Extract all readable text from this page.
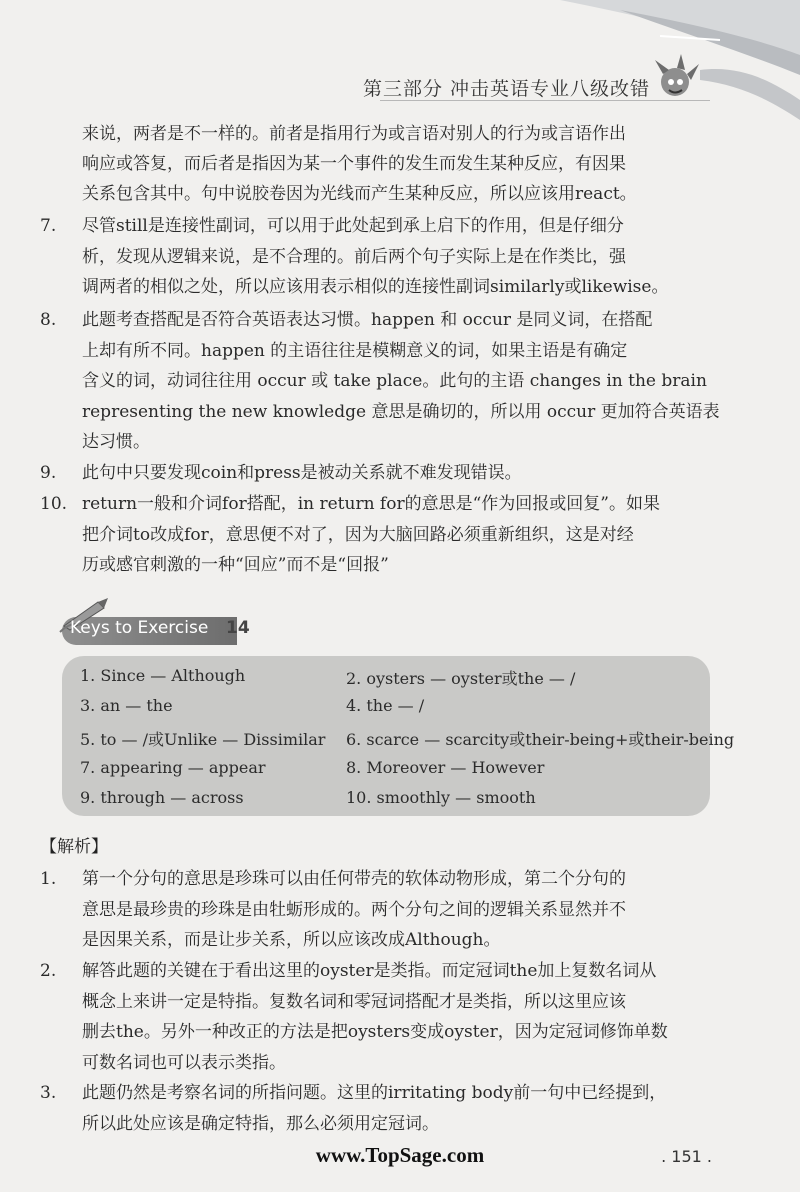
第三部分 冲击英语专业八级改错
来说，两者是不一样的。前者是指用行为或言语对别人的行为或言语作出
响应或答复，而后者是指因为某一个事件的发生而发生某种反应，有因果
关系包含其中。句中说胶卷因为光线而产生某种反应，所以应该用react。
7.	尽管still是连接性副词，可以用于此处起到承上启下的作用，但是仔细分
析，发现从逻辑来说，是不合理的。前后两个句子实际上是在作类比，强
调两者的相似之处，所以应该用表示相似的连接性副词similarly或likewise。
8.	此题考查搭配是否符合英语表达习惯。happen 和 occur 是同义词，在搭配
上却有所不同。happen 的主语往往是模糊意义的词，如果主语是有确定
含义的词，动词往往用 occur 或 take place。此句的主语 changes in the brain
representing the new knowledge 意思是确切的，所以用 occur 更加符合英语表
达习惯。
9.	此句中只要发现coin和press是被动关系就不难发现错误。
10. return一般和介词for搭配，in return for的意思是“作为回报或回复”。如果
把介词to改成for，意思便不对了，因为大脑回路必须重新组织，这是对经
历或感官刺激的一种“回应”而不是“回报”
Keys to Exercise 14
1. Since — Although	2. oysters — oyster或the — /
3. an — the	4. the — /
5. to — /或Unlike — Dissimilar 6. scarce — scarcity或their-being+或their-being
7. appearing — appear	8. Moreover — However
9. through — across	10. smoothly — smooth
【解析】
1.	第一个分句的意思是珍珠可以由任何带壳的软体动物形成，第二个分句的
意思是最珍贵的珍珠是由牡蛎形成的。两个分句之间的逻辑关系显然并不
是因果关系，而是让步关系，所以应该改成Although。
2.	解答此题的关键在于看出这里的oyster是类指。而定冠词the加上复数名词从
概念上来讲一定是特指。复数名词和零冠词搭配才是类指，所以这里应该
删去the。另外一种改正的方法是把oysters变成oyster，因为定冠词修饰单数
可数名词也可以表示类指。
3.	此题仍然是考察名词的所指问题。这里的irritating body前一句中已经提到，
所以此处应该是确定特指，那么必须用定冠词。
www.TopSage.com	. 151 .
